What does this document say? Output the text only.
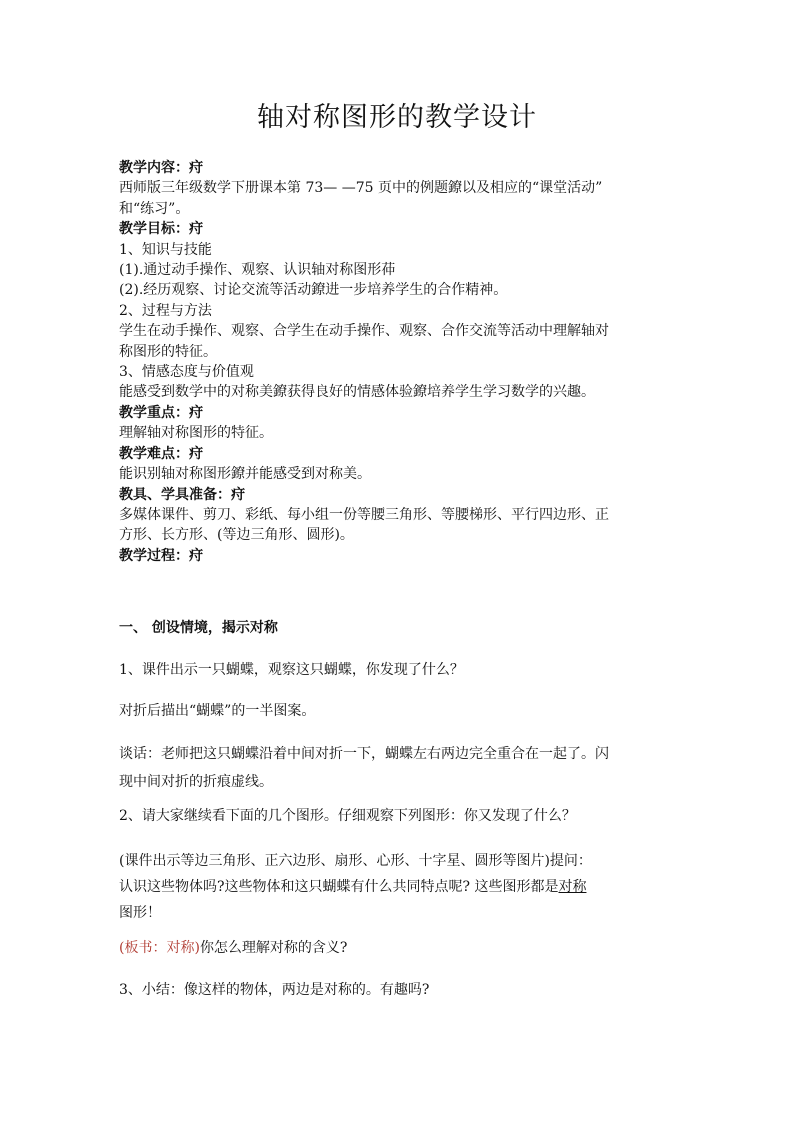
轴对称图形的教学设计
教学内容：疛
西师版三年级数学下册课本第 73— —75 页中的例题鐐以及相应的“课堂活动”
和“练习”。
教学目标：疛
1、知识与技能
(1).通过动手操作、观察、认识轴对称图形茽
(2).经历观察、讨论交流等活动鐐进一步培养学生的合作精神。
2、过程与方法
学生在动手操作、观察、合学生在动手操作、观察、合作交流等活动中理解轴对
称图形的特征。
3、情感态度与价值观
能感受到数学中的对称美鐐获得良好的情感体验鐐培养学生学习数学的兴趣。
教学重点：疛
理解轴对称图形的特征。
教学难点：疛
能识别轴对称图形鐐并能感受到对称美。
教具、学具准备：疛
多媒体课件、剪刀、彩纸、每小组一份等腰三角形、等腰梯形、平行四边形、正
方形、长方形、(等边三角形、圆形)。
教学过程：疛
一、 创设情境，揭示对称
1、课件出示一只蝴蝶，观察这只蝴蝶，你发现了什么？
对折后描出“蝴蝶”的一半图案。
谈话：老师把这只蝴蝶沿着中间对折一下，蝴蝶左右两边完全重合在一起了。闪
现中间对折的折痕虚线。
2、请大家继续看下面的几个图形。仔细观察下列图形：你又发现了什么？
(课件出示等边三角形、正六边形、扇形、心形、十字星、圆形等图片)提问：
认识这些物体吗?这些物体和这只蝴蝶有什么共同特点呢? 这些图形都是对称
图形！
(板书：对称)你怎么理解对称的含义?
3、小结：像这样的物体，两边是对称的。有趣吗?
